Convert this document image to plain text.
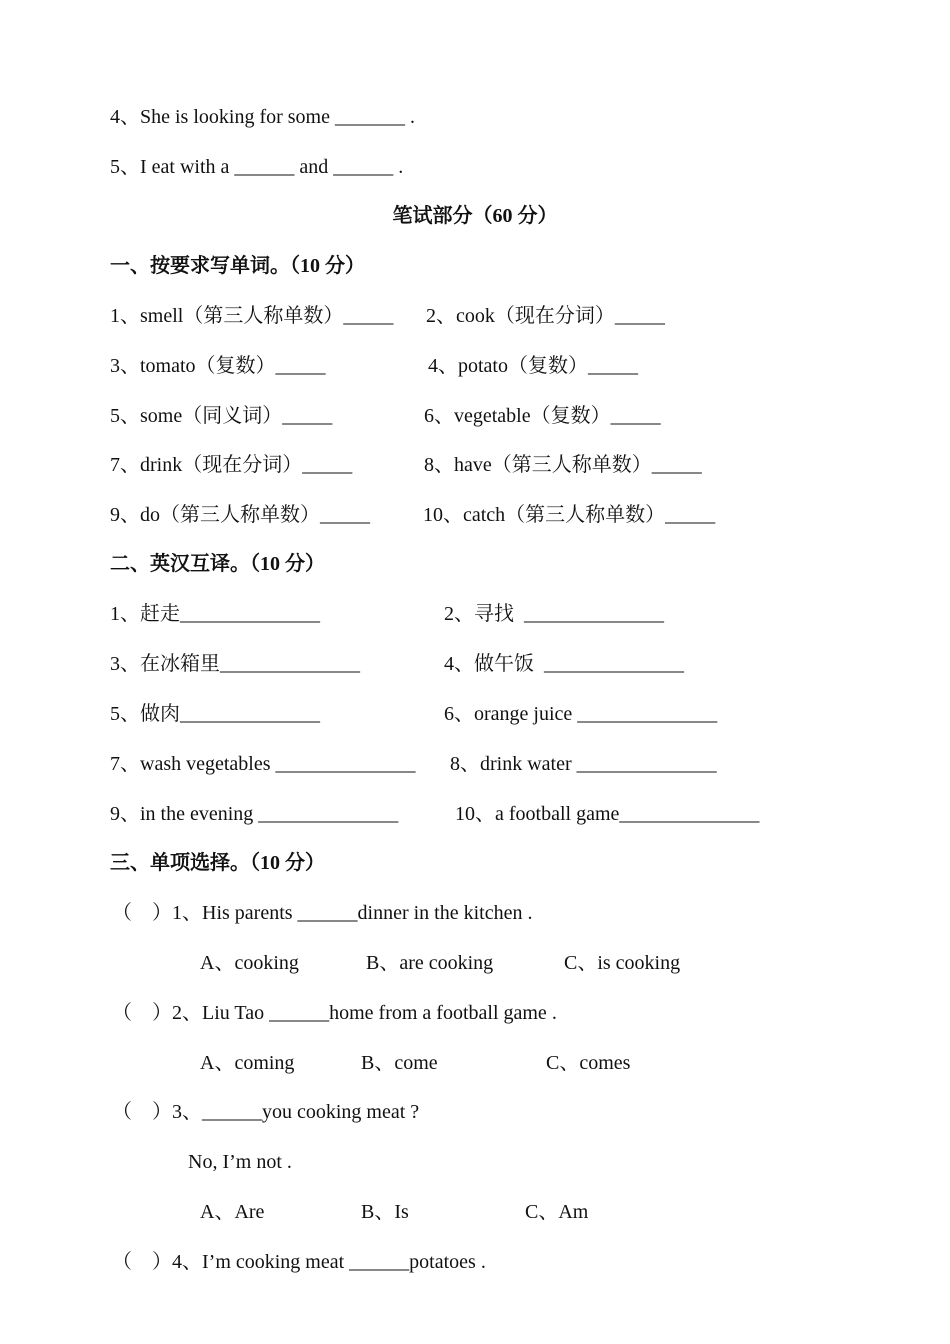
4、She is looking for some _______ .
5、I eat with a ______ and ______ .
笔试部分（60 分）
一、按要求写单词。（10 分）
1、smell（第三人称单数）_____ 2、cook（现在分词）_____
3、tomato（复数）_____	4、potato（复数）_____
5、some（同义词）_____	6、vegetable（复数）_____
7、drink（现在分词）_____	8、have（第三人称单数）_____
9、do（第三人称单数）_____	10、catch（第三人称单数）_____
二、英汉互译。（10 分）
1、赶走______________	2、寻找  ______________
3、在冰箱里______________	4、做午饭  ______________
5、做肉______________	6、orange juice ______________
7、wash vegetables ______________ 8、drink water ______________
9、in the evening ______________	10、a football game______________
三、单项选择。（10 分）
（    ）1、His parents ______dinner in the kitchen .
A、cooking	B、are cooking	C、is cooking
（    ）2、Liu Tao ______home from a football game .
A、coming	B、come	C、comes
（    ）3、______you cooking meat ?
No, I’m not .
A、Are	B、Is	C、Am
（    ）4、I’m cooking meat ______potatoes .
